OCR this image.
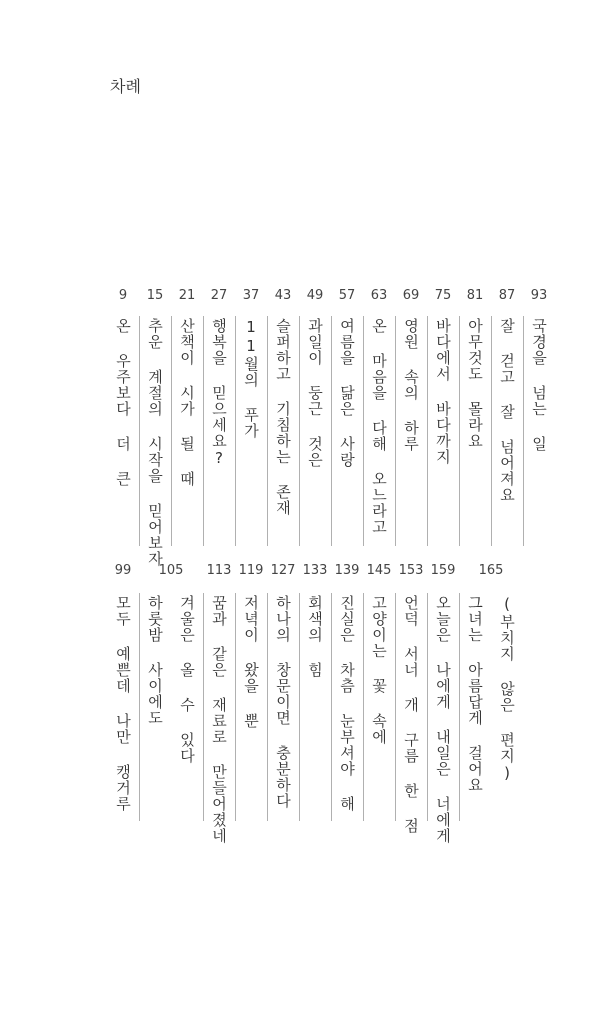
차례
9
온 우주보다 더 큰
15
추운 계절의 시작을 믿어보자
21
산책이 시가 될 때
27
행복을 믿으세요?
37
11월의 푸가
43
슬퍼하고 기침하는 존재
49
과일이 둥근 것은
57
여름을 닮은 사랑
63
온 마음을 다해 오느라고
69
영원 속의 하루
75
바다에서 바다까지
81
아무것도 몰라요
87
잘 걷고 잘 넘어져요
93
국경을 넘는 일
99
모두 예쁜데 나만 캥거루
105
하룻밤 사이에도 겨울은 올 수 있다
113
꿈과 같은 재료로 만들어졌네
119
저녁이 왔을 뿐
127
하나의 창문이면 충분하다
133
회색의 힘
139
진실은 차츰 눈부셔야 해
145
고양이는 꽃 속에
153
언덕 서너 개 구름 한 점
159
오늘은 나에게 내일은 너에게
165
그녀는 아름답게 걸어요 (부치지 않은 편지)
